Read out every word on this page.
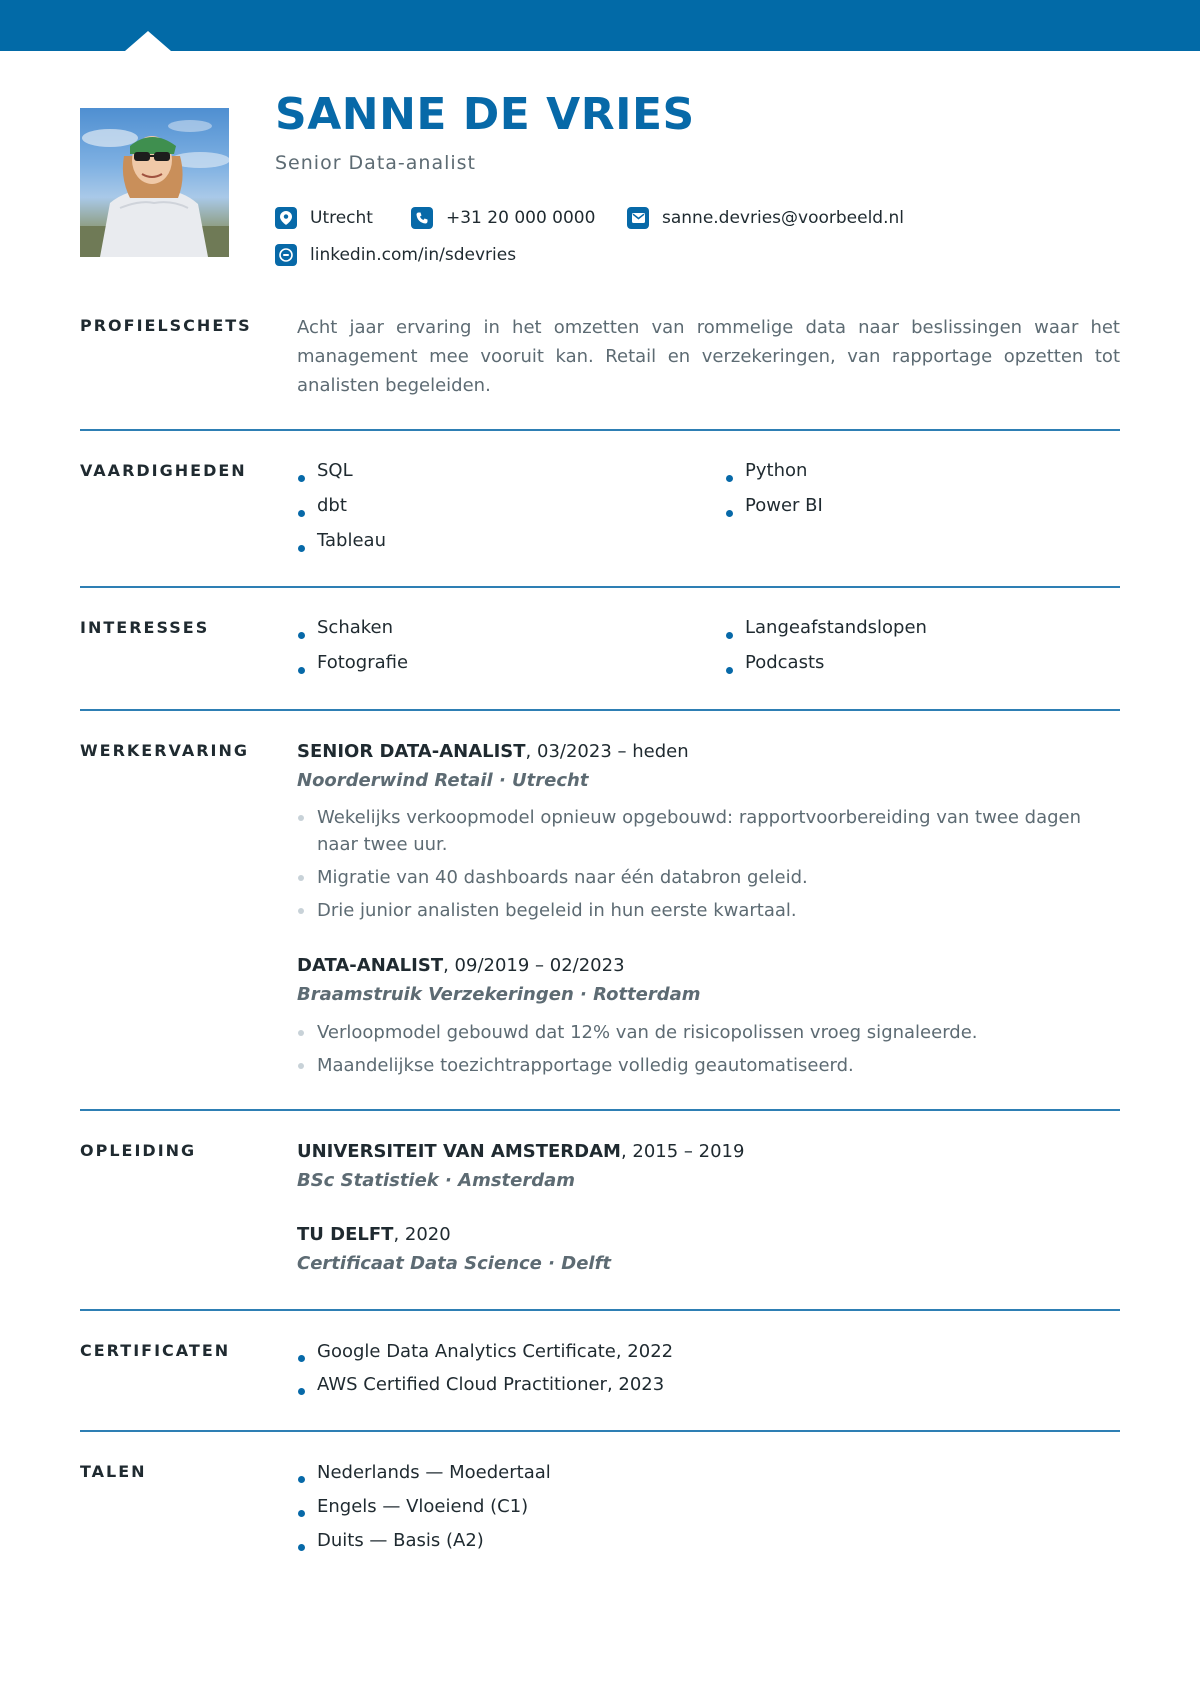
SANNE DE VRIES
Senior Data-analist
Utrecht	+31 20 000 0000	sanne.devries@voorbeeld.nl
linkedin.com/in/sdevries
PROFIELSCHETS	Acht jaar ervaring in het omzetten van rommelige data naar beslissingen waar het management mee vooruit kan. Retail en verzekeringen, van rapportage opzetten tot analisten begeleiden.

VAARDIGHEDEN	SQL
dbt
Tableau
Python
Power BI
INTERESSES	Schaken
Fotografie
Langeafstandslopen
Podcasts
WERKERVARING	SENIOR DATA-ANALIST, 03/2023 – heden
Noorderwind Retail · Utrecht
Wekelijks verkoopmodel opnieuw opgebouwd: rapportvoorbereiding van twee dagen naar twee uur.
Migratie van 40 dashboards naar één databron geleid.
Drie junior analisten begeleid in hun eerste kwartaal.
DATA-ANALIST, 09/2019 – 02/2023
Braamstruik Verzekeringen · Rotterdam
Verloopmodel gebouwd dat 12% van de risicopolissen vroeg signaleerde.
Maandelijkse toezichtrapportage volledig geautomatiseerd.
OPLEIDING	UNIVERSITEIT VAN AMSTERDAM, 2015 – 2019
BSc Statistiek · Amsterdam
TU DELFT, 2020
Certificaat Data Science · Delft
CERTIFICATEN	Google Data Analytics Certificate, 2022
AWS Certified Cloud Practitioner, 2023
TALEN	Nederlands — Moedertaal
Engels — Vloeiend (C1)
Duits — Basis (A2)
